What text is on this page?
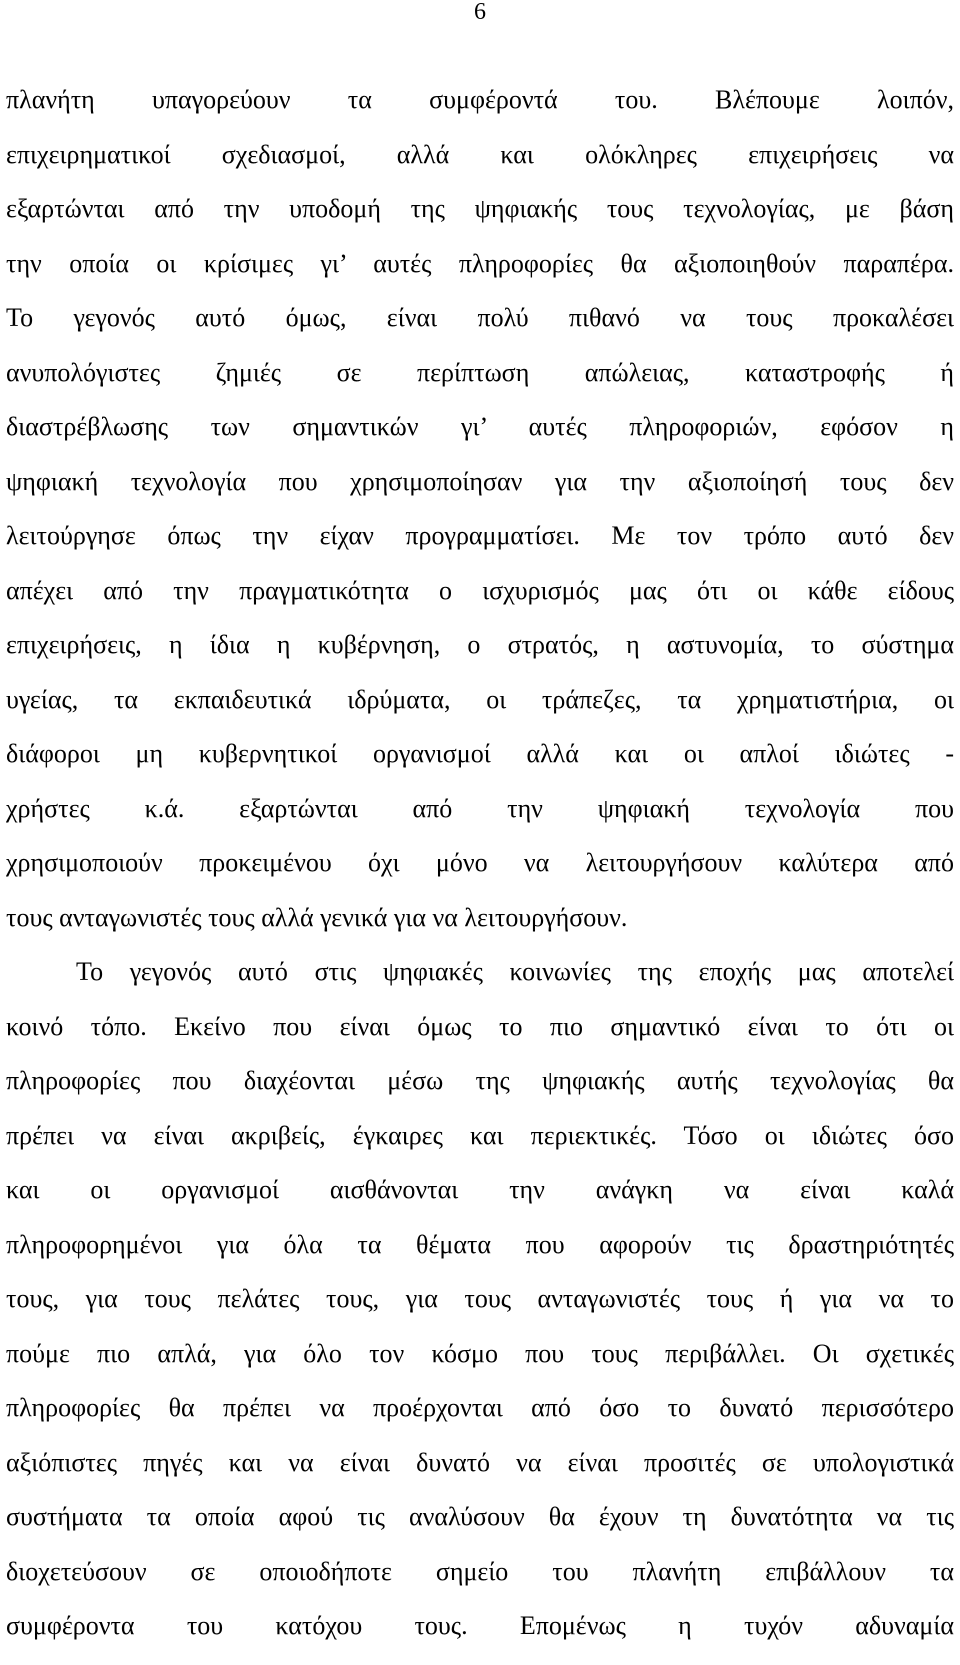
6
πλανήτη υπαγορεύουν τα συμφέροντά του. Βλέπουμε λοιπόν,
επιχειρηματικοί σχεδιασμοί, αλλά και ολόκληρες επιχειρήσεις να
εξαρτώνται από την υποδομή της ψηφιακής τους τεχνολογίας, με βάση
την οποία οι κρίσιμες γι’ αυτές πληροφορίες θα αξιοποιηθούν παραπέρα.
Το γεγονός αυτό όμως, είναι πολύ πιθανό να τους προκαλέσει
ανυπολόγιστες ζημιές σε περίπτωση απώλειας, καταστροφής ή
διαστρέβλωσης των σημαντικών γι’ αυτές πληροφοριών, εφόσον η
ψηφιακή τεχνολογία που χρησιμοποίησαν για την αξιοποίησή τους δεν
λειτούργησε όπως την είχαν προγραμματίσει. Με τον τρόπο αυτό δεν
απέχει από την πραγματικότητα ο ισχυρισμός μας ότι οι κάθε είδους
επιχειρήσεις, η ίδια η κυβέρνηση, ο στρατός, η αστυνομία, το σύστημα
υγείας, τα εκπαιδευτικά ιδρύματα, οι τράπεζες, τα χρηματιστήρια, οι
διάφοροι μη κυβερνητικοί οργανισμοί αλλά και οι απλοί ιδιώτες -
χρήστες κ.ά. εξαρτώνται από την ψηφιακή τεχνολογία που
χρησιμοποιούν προκειμένου όχι μόνο να λειτουργήσουν καλύτερα από
τους ανταγωνιστές τους αλλά γενικά για να λειτουργήσουν.
Το γεγονός αυτό στις ψηφιακές κοινωνίες της εποχής μας αποτελεί
κοινό τόπο. Εκείνο που είναι όμως το πιο σημαντικό είναι το ότι οι
πληροφορίες που διαχέονται μέσω της ψηφιακής αυτής τεχνολογίας θα
πρέπει να είναι ακριβείς, έγκαιρες και περιεκτικές. Τόσο οι ιδιώτες όσο
και οι οργανισμοί αισθάνονται την ανάγκη να είναι καλά
πληροφορημένοι για όλα τα θέματα που αφορούν τις δραστηριότητές
τους, για τους πελάτες τους, για τους ανταγωνιστές τους ή για να το
πούμε πιο απλά, για όλο τον κόσμο που τους περιβάλλει. Οι σχετικές
πληροφορίες θα πρέπει να προέρχονται από όσο το δυνατό περισσότερο
αξιόπιστες πηγές και να είναι δυνατό να είναι προσιτές σε υπολογιστικά
συστήματα τα οποία αφού τις αναλύσουν θα έχουν τη δυνατότητα να τις
διοχετεύσουν σε οποιοδήποτε σημείο του πλανήτη επιβάλλουν τα
συμφέροντα του κατόχου τους. Επομένως η τυχόν αδυναμία
